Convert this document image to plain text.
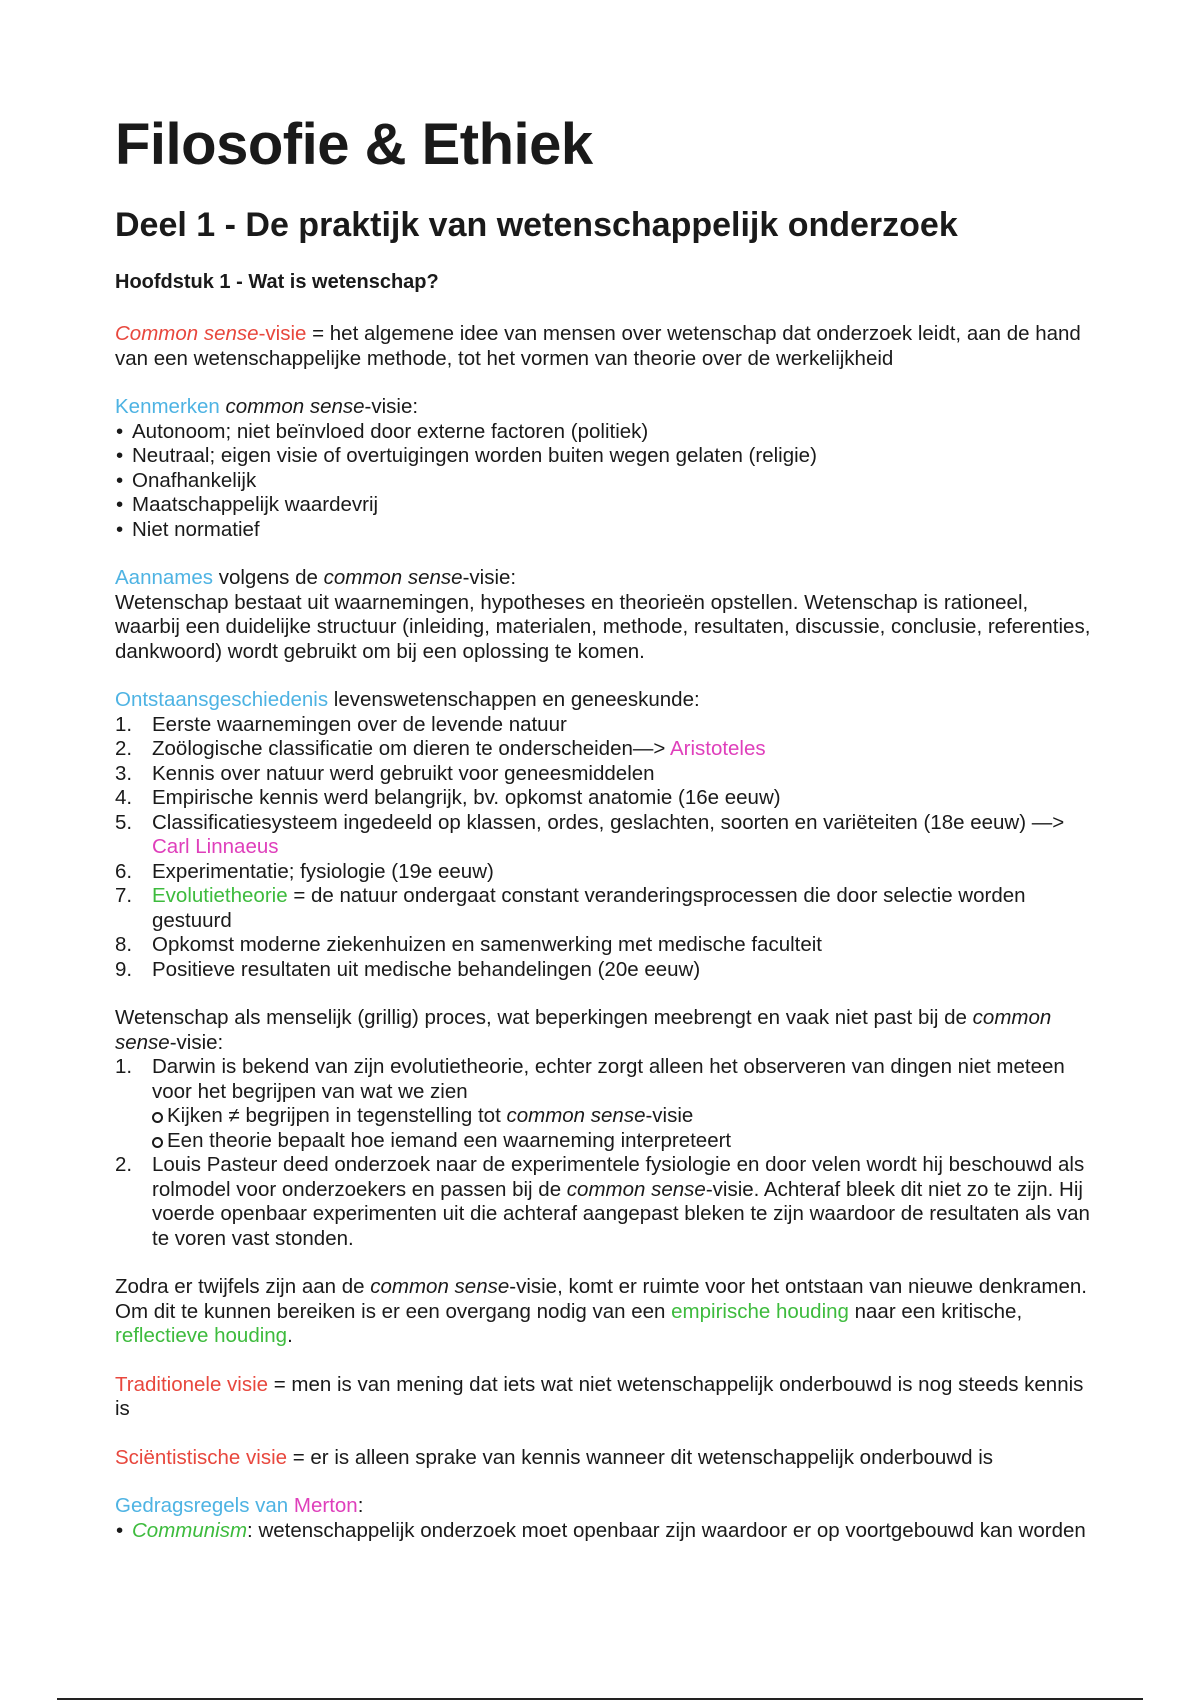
Filosofie & Ethiek
Deel 1 - De praktijk van wetenschappelijk onderzoek
Hoofdstuk 1 - Wat is wetenschap?

Common sense-visie = het algemene idee van mensen over wetenschap dat onderzoek leidt, aan de hand van een wetenschappelijke methode, tot het vormen van theorie over de werkelijkheid

Kenmerken common sense-visie:

• Autonoom; niet beïnvloed door externe factoren (politiek)
• Neutraal; eigen visie of overtuigingen worden buiten wegen gelaten (religie)
• Onafhankelijk
• Maatschappelijk waardevrij
• Niet normatief

Aannames volgens de common sense-visie:

Wetenschap bestaat uit waarnemingen, hypotheses en theorieën opstellen. Wetenschap is rationeel, waarbij een duidelijke structuur (inleiding, materialen, methode, resultaten, discussie, conclusie, referenties, dankwoord) wordt gebruikt om bij een oplossing te komen.

Ontstaansgeschiedenis levenswetenschappen en geneeskunde:

1. Eerste waarnemingen over de levende natuur
2. Zoölogische classificatie om dieren te onderscheiden—> Aristoteles
3. Kennis over natuur werd gebruikt voor geneesmiddelen
4. Empirische kennis werd belangrijk, bv. opkomst anatomie (16e eeuw)
5. Classificatiesysteem ingedeeld op klassen, ordes, geslachten, soorten en variëteiten (18e eeuw) —> Carl Linnaeus
6. Experimentatie; fysiologie (19e eeuw)
7. Evolutietheorie = de natuur ondergaat constant veranderingsprocessen die door selectie worden gestuurd
8. Opkomst moderne ziekenhuizen en samenwerking met medische faculteit
9. Positieve resultaten uit medische behandelingen (20e eeuw)

Wetenschap als menselijk (grillig) proces, wat beperkingen meebrengt en vaak niet past bij de common sense-visie:

1. Darwin is bekend van zijn evolutietheorie, echter zorgt alleen het observeren van dingen niet meteen voor het begrijpen van wat we zien
Kijken ≠ begrijpen in tegenstelling tot common sense-visie
Een theorie bepaalt hoe iemand een waarneming interpreteert
2. Louis Pasteur deed onderzoek naar de experimentele fysiologie en door velen wordt hij beschouwd als rolmodel voor onderzoekers en passen bij de common sense-visie. Achteraf bleek dit niet zo te zijn. Hij voerde openbaar experimenten uit die achteraf aangepast bleken te zijn waardoor de resultaten als van te voren vast stonden.

Zodra er twijfels zijn aan de common sense-visie, komt er ruimte voor het ontstaan van nieuwe denkramen. Om dit te kunnen bereiken is er een overgang nodig van een empirische houding naar een kritische, reflectieve houding.

Traditionele visie = men is van mening dat iets wat niet wetenschappelijk onderbouwd is nog steeds kennis is

Sciëntistische visie = er is alleen sprake van kennis wanneer dit wetenschappelijk onderbouwd is

Gedragsregels van Merton:

• Communism: wetenschappelijk onderzoek moet openbaar zijn waardoor er op voortgebouwd kan worden
